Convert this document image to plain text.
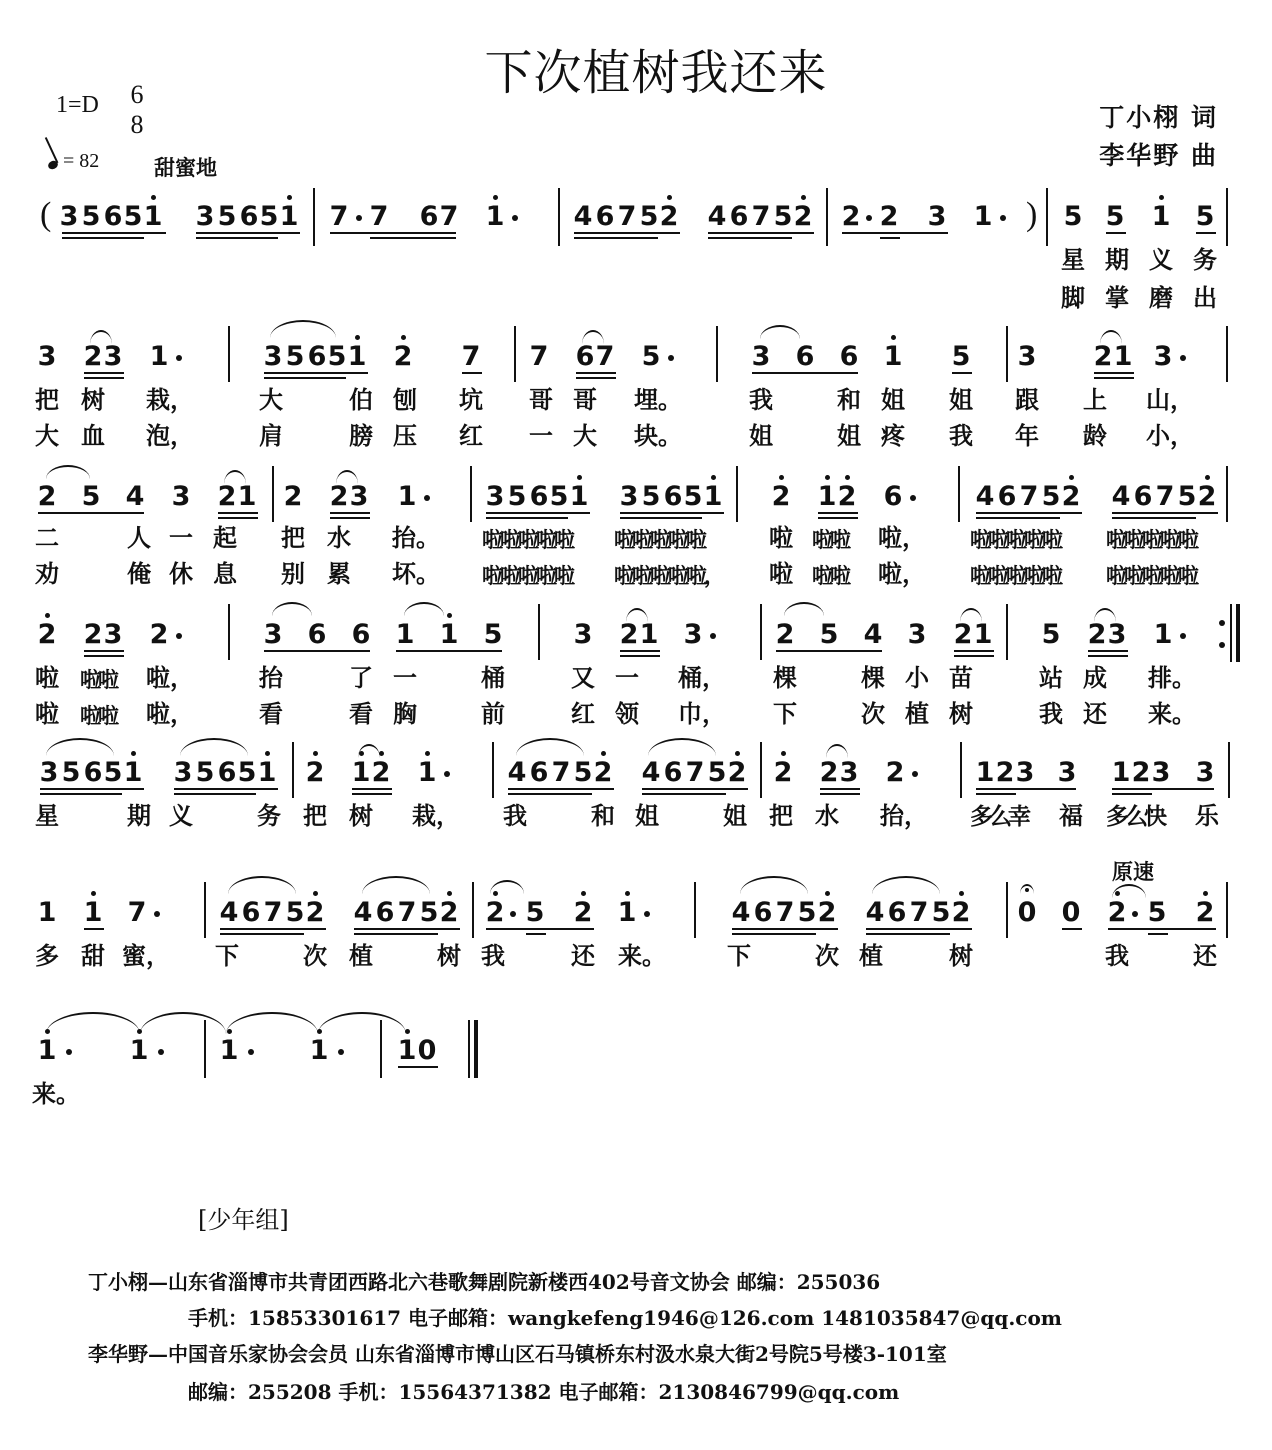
下次植树我还来
1=D 6
8
= 82	甜蜜地
丁小栩 词
李华野 曲
( 3 5 6 5 1 3 5 6 5 1 7 7 6 7 1	4 6 7 5 2 4 6 7 5 2 2 2 3 1 ) 5 5 1 5
星 期 义 务
脚 掌 磨 出
3 2 3 1	3 5 6 5 1 2 7 7 6 7 5	3 6 6 1 5 3 2 1 3
把 树 栽，	大	伯 刨 坑 哥 哥 埋。	我	和 姐 姐 跟 上 山，
大 血 泡，	肩	膀 压 红 一 大 块。	姐	姐 疼 我 年 龄 小，
2 5 4 3 2 1 2 2 3 1	3 5 6 5 1 3 5 6 5 1 2 1 2 6	4 6 7 5 2 4 6 7 5 2
二	人 一 起 把 水 抬。 啦啦啦啦啦 啦啦啦啦啦	啦 啦啦 啦， 啦啦啦啦啦 啦啦啦啦啦
劝	俺 休 息 别 累 坏。 啦啦啦啦啦 啦啦啦啦啦， 啦 啦啦 啦， 啦啦啦啦啦 啦啦啦啦啦
2 2 3 2	3 6 6 1 1 5	3 2 1 3	2 5 4 3 2 1 5 2 3 1
啦 啦啦 啦，	抬	了 一	桶	又 一 桶， 棵	棵 小 苗	站 成 排。
啦 啦啦 啦，	看	看 胸	前	红 领 巾， 下	次 植 树	我 还 来。
3 5 6 5 1 3 5 6 5 1 2 1 2 1	4 6 7 5 2 4 6 7 5 2 2 2 3 2	1 2 3 3 1 2 3 3
星	期 义	务 把 树 栽， 我	和 姐	姐 把 水 抬， 多么幸 福 多么快 乐
原速
1 1 7	4 6 7 5 2 4 6 7 5 2 2 5 2 1	4 6 7 5 2 4 6 7 5 2 0 0 2 5 2
多 甜 蜜， 下	次 植	树 我	还 来。	下	次 植	树	我	还
1	1	1	1	1 0
来。
[少年组]
丁小栩—山东省淄博市共青团西路北六巷歌舞剧院新楼西402号音文协会 邮编：255036
手机：15853301617 电子邮箱：wangkefeng1946@126.com 1481035847@qq.com
李华野—中国音乐家协会会员 山东省淄博市博山区石马镇桥东村汲水泉大街2号院5号楼3-101室
邮编：255208 手机：15564371382 电子邮箱：2130846799@qq.com
